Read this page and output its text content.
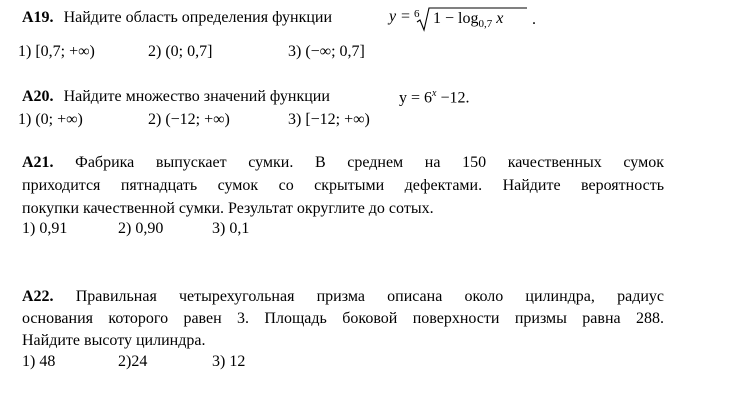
А19. Найдите область определения функции	y = 6 $1 - \log_{0,7} x$ .
1) [0,7; +∞)	2) (0; 0,7]	3) (−∞; 0,7]
А20. Найдите множество значений функции	$y = 6^x -12$.
1) (0; +∞)	2) (−12; +∞)	3) [−12; +∞)
А21. Фабрика выпускает сумки. В среднем на 150 качественных сумок
приходится пятнадцать сумок со скрытыми дефектами. Найдите вероятность
покупки качественной сумки. Результат округлите до сотых.
1) 0,91	2) 0,90	3) 0,1
А22. Правильная четырехугольная призма описана около цилиндра, радиус
основания которого равен 3. Площадь боковой поверхности призмы равна 288.
Найдите высоту цилиндра.
1) 48	2)24	3) 12
